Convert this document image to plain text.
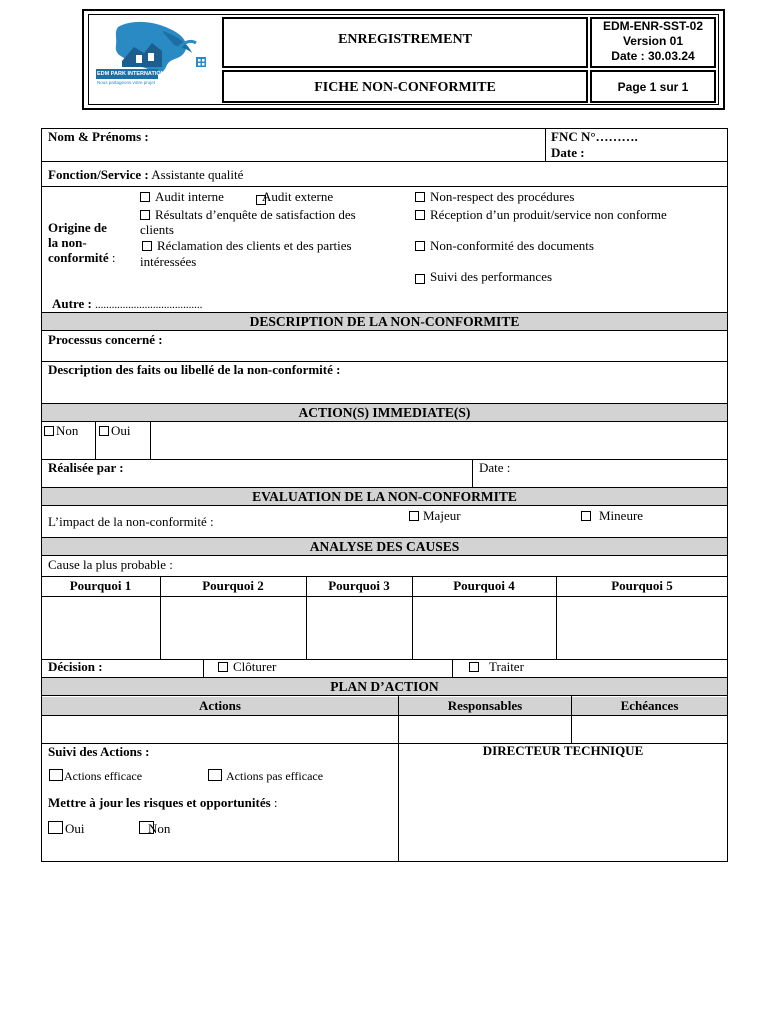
EDM PARK INTERNATIONAL
Nous partageons votre projet
ENREGISTREMENT
FICHE NON-CONFORMITE
EDM-ENR-SST-02
Version 01
Date : 30.03.24
Page 1 sur 1
Nom & Prénoms :	FNC N°……….
Date :
Fonction/Service : Assistante qualité
Origine de
la non-
conformité :
Audit interne	Audit externe
Résultats d’enquête de satisfaction des
clients
Réclamation des clients et des parties
intéressées
Non-respect des procédures
Réception d’un produit/service non conforme
Non-conformité des documents
Suivi des performances
Autre : .......................................
DESCRIPTION DE LA NON-CONFORMITE
Processus concerné :
Description des faits ou libellé de la non-conformité :
ACTION(S) IMMEDIATE(S)
Non	Oui
Réalisée par :	Date :
EVALUATION DE LA NON-CONFORMITE
L’impact de la non-conformité :	Majeur	Mineure
ANALYSE DES CAUSES
Cause la plus probable :
Pourquoi 1	Pourquoi 2	Pourquoi 3	Pourquoi 4	Pourquoi 5
Décision :	Clôturer	Traiter
PLAN D’ACTION
Actions	Responsables	Echéances
Suivi des Actions :
Actions efficace	Actions pas efficace
Mettre à jour les risques et opportunités :
Oui	Non
DIRECTEUR TECHNIQUE
